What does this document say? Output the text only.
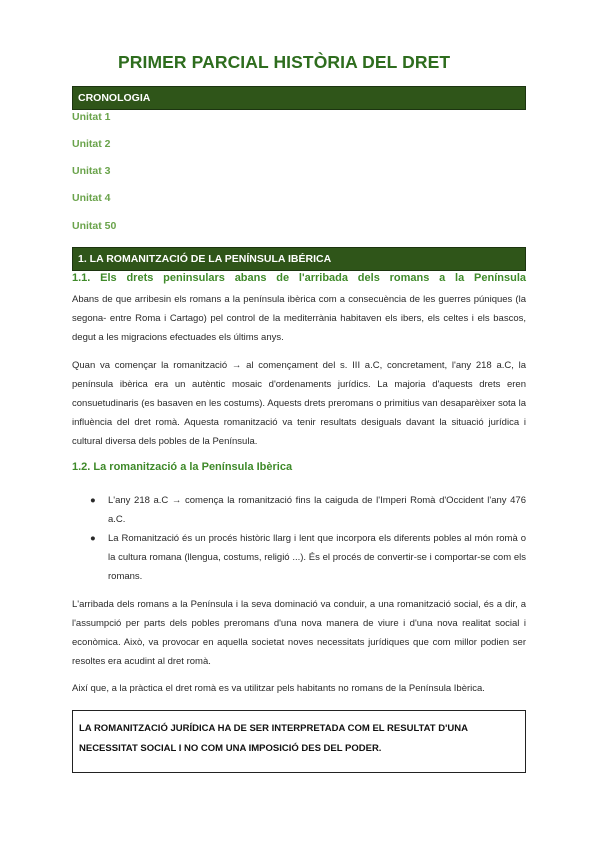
PRIMER PARCIAL HISTÒRIA DEL DRET
CRONOLOGIA
Unitat 1
Unitat 2
Unitat 3
Unitat 4
Unitat 50
1. LA ROMANITZACIÓ DE LA PENÍNSULA IBÉRICA
1.1. Els drets peninsulars abans de l'arribada dels romans a la Península
Abans de que arribesin els romans a la península ibèrica com a consecuència de les guerres púniques (la segona- entre Roma i Cartago) pel control de la mediterrània habitaven els ibers, els celtes i els bascos, degut a les migracions efectuades els últims anys.
Quan va començar la romanització → al començament del s. III a.C, concretament, l'any 218 a.C, la península ibèrica era un autèntic mosaic d'ordenaments jurídics. La majoria d'aquests drets eren consuetudinaris (es basaven en les costums). Aquests drets preromans o primitius van desaparèixer sota la influència del dret romà. Aquesta romanització va tenir resultats desiguals davant la situació jurídica i cultural diversa dels pobles de la Península.
1.2. La romanització a la Península Ibèrica

● L'any 218 a.C → comença la romanització fins la caiguda de l'Imperi Romà d'Occident l'any 476 a.C.

● La Romanització és un procés històric llarg i lent que incorpora els diferents pobles al món romà o la cultura romana (llengua, costums, religió ...). És el procés de convertir-se i comportar-se com els romans.

L'arribada dels romans a la Península i la seva dominació va conduir, a una romanització social, és a dir, a l'assumpció per parts dels pobles preromans d'una nova manera de viure i d'una nova realitat social i econòmica. Això, va provocar en aquella societat noves necessitats jurídiques que com millor podien ser resoltes era acudint al dret romà.
Així que, a la pràctica el dret romà es va utilitzar pels habitants no romans de la Península Ibèrica.
LA ROMANITZACIÓ JURÍDICA HA DE SER INTERPRETADA COM EL RESULTAT D'UNA NECESSITAT SOCIAL I NO COM UNA IMPOSICIÓ DES DEL PODER.
